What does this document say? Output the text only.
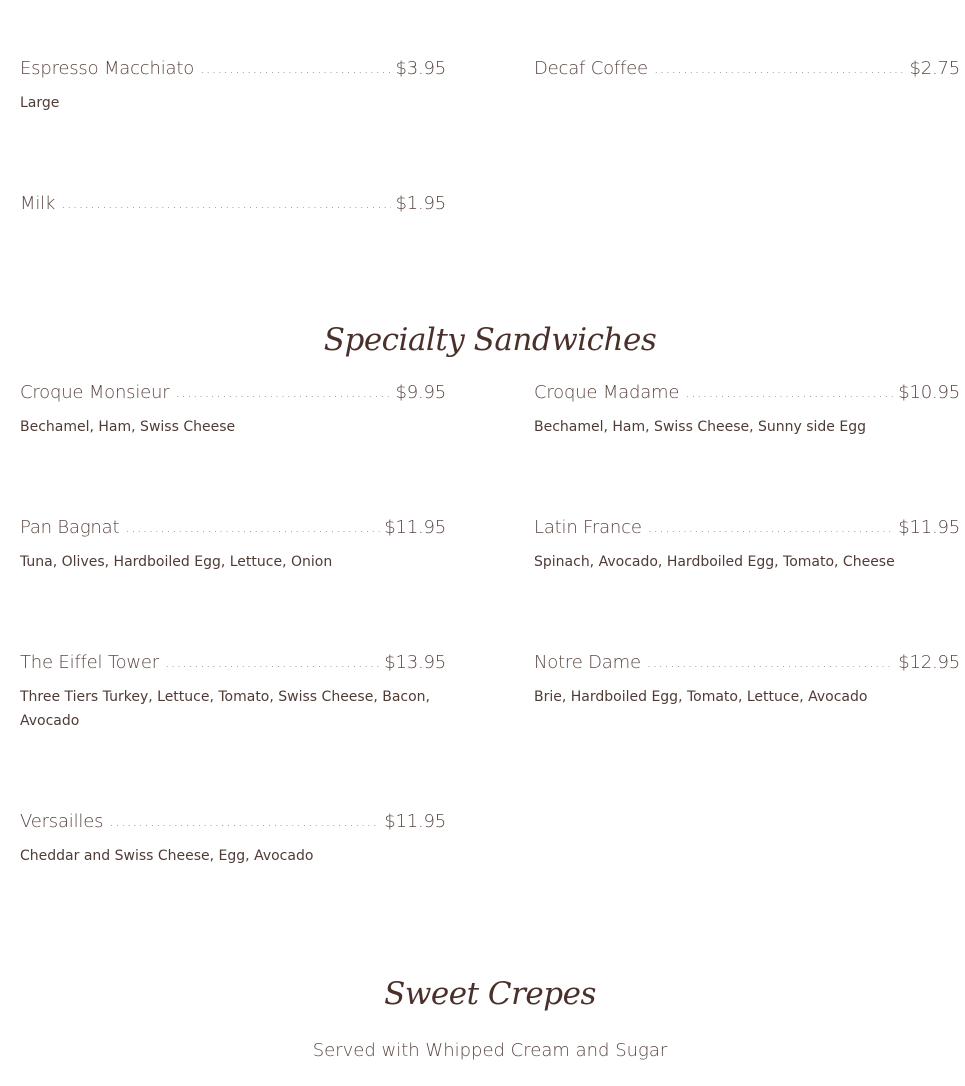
Espresso Macchiato .....	$3.95
Large
Decaf Coffee .....	$2.75
Milk .....	$1.95
Specialty Sandwiches
Croque Monsieur .....	$9.95
Bechamel, Ham, Swiss Cheese
Croque Madame .....	$10.95
Bechamel, Ham, Swiss Cheese, Sunny side Egg
Pan Bagnat .....	$11.95
Tuna, Olives, Hardboiled Egg, Lettuce, Onion
Latin France .....	$11.95
Spinach, Avocado, Hardboiled Egg, Tomato, Cheese
The Eiffel Tower .....	$13.95
Three Tiers Turkey, Lettuce, Tomato, Swiss Cheese, Bacon, Avocado
Notre Dame .....	$12.95
Brie, Hardboiled Egg, Tomato, Lettuce, Avocado
Versailles .....	$11.95
Cheddar and Swiss Cheese, Egg, Avocado
Sweet Crepes
Served with Whipped Cream and Sugar
